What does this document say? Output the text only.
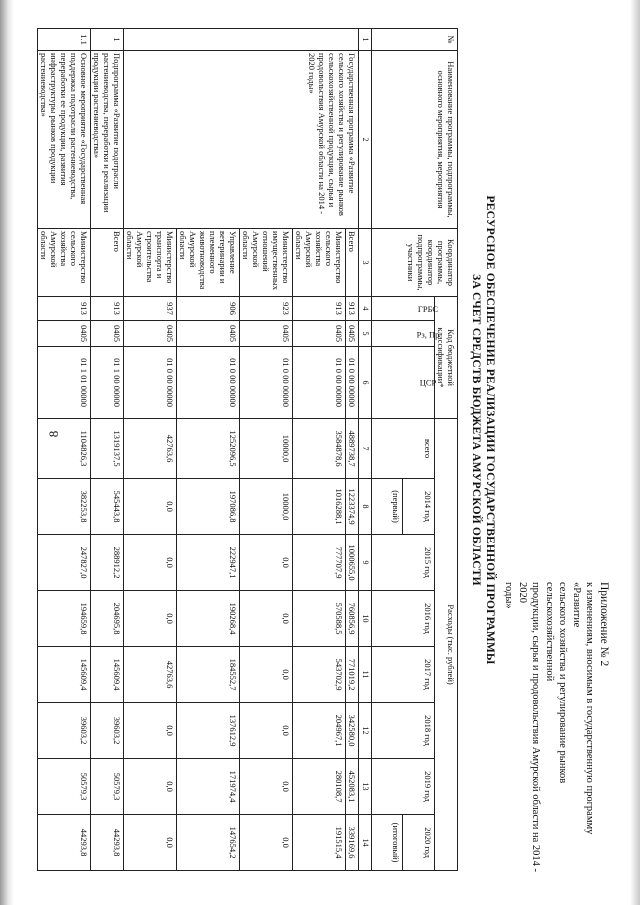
8
Приложение № 2
к изменениям, вносимым в государственную программу «Развитие
сельского хозяйства и регулирование рынков сельскохозяйственной
продукции, сырья и продовольствия Амурской области на 2014 - 2020
годы»
РЕСУРСНОЕ ОБЕСПЕЧЕНИЕ РЕАЛИЗАЦИИ ГОСУДАРСТВЕННОЙ ПРОГРАММЫ
ЗА СЧЕТ СРЕДСТВ БЮДЖЕТА АМУРСКОЙ ОБЛАСТИ
№	Наименование программы, подпрограммы, основного мероприятия, мероприятия	Координатор программы, координатор подпрограммы, участники	Код бюджетной классификации*			Расходы (тыс. рублей)							
			ГРБС	Рз, Пр	ЦСР	всего	2014 год	2015 год	2016 год	2017 год	2018 год	2019 год	2020 год
							(первый)						(итоговый)
1	2	3	4	5	6	7	8	9	10	11	12	13	14
	Государственная программа «Развитие сельского хозяйства и регулирование рынков сельскохозяйственной продукции, сырья и продовольствия Амурской области на 2014 - 2020 годы»	Всего	913	0405	01 0 00 00000	4889738,7	1223374,9	1000655,0	760856,9	771019,2	342580,0	452083,1	339169,6
		Министерство сельского хозяйства Амурской области	913	0405	01 0 00 00000	3584878,6	1016288,1	777707,9	570588,5	543702,9	204967,1	280108,7	191515,4
		Министерство имущественных отношений Амурской области	923	0405	01 0 00 00000	10000,0	10000,0	0,0	0,0	0,0	0,0	0,0	0,0
		Управление ветеринарии и племенного животноводства Амурской области	906	0405	01 0 00 00000	1252096,5	197086,8	222947,1	190268,4	184552,7	137612,9	171974,4	147654,2
		Министерство транспорта и строительства Амурской области	937	0405	01 0 00 00000	42763,6	0,0	0,0	0,0	42763,6	0,0	0,0	0,0
1	Подпрограмма «Развитие подотрасли растениеводства, переработки и реализации продукции растениеводства»	Всего	913	0405	01 1 00 00000	1319137,5	545443,8	288912,2	204695,8	145609,4	39603,2	50579,3	44293,8
1.1	Основное мероприятие «Государственная поддержка подотрасли растениеводства, переработки ее продукции, развития инфраструктуры рынков продукции растениеводства»	Министерство сельского хозяйства Амурской области	913	0405	01 1 01 00000	1104826,3	382253,8	247827,0	194659,8	145609,4	39603,2	50579,3	44293,8
